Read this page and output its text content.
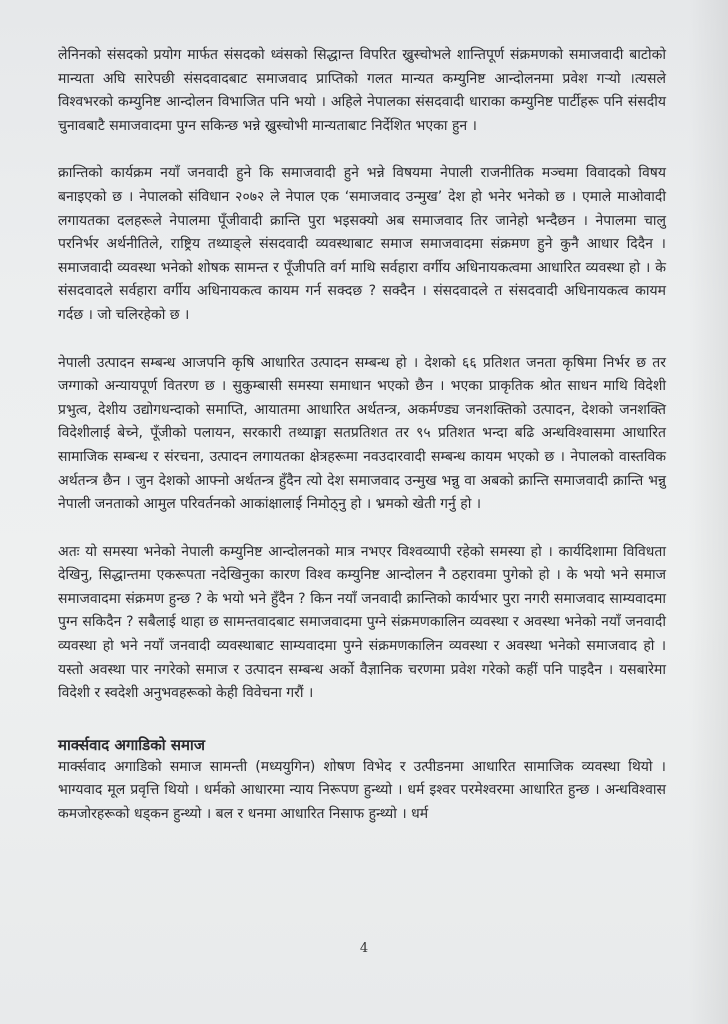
लेनिनको संसदको प्रयोग मार्फत संसदको ध्वंसको सिद्धान्त विपरित ख्रुस्चोभले शान्तिपूर्ण संक्रमणको समाजवादी बाटोको मान्यता अघि सारेपछी संसदवादबाट समाजवाद प्राप्तिको गलत मान्यत कम्युनिष्ट आन्दोलनमा प्रवेश गऱ्यो ।त्यसले विश्वभरको कम्युनिष्ट आन्दोलन विभाजित पनि भयो । अहिले नेपालका संसदवादी धाराका कम्युनिष्ट पार्टीहरू पनि संसदीय चुनावबाटै समाजवादमा पुग्न सकिन्छ भन्ने ख्रुस्चोभी मान्यताबाट निर्देशित भएका हुन ।

क्रान्तिको कार्यक्रम नयाँ जनवादी हुने कि समाजवादी हुने भन्ने विषयमा नेपाली राजनीतिक मञ्चमा विवादको विषय बनाइएको छ । नेपालको संविधान २०७२ ले नेपाल एक ‘समाजवाद उन्मुख’ देश हो भनेर भनेको छ । एमाले माओवादी लगायतका दलहरूले नेपालमा पूँजीवादी क्रान्ति पुरा भइसक्यो अब समाजवाद तिर जानेहो भन्दैछन । नेपालमा चालु परनिर्भर अर्थनीतिले, राष्ट्रिय तथ्याङ्ले संसदवादी व्यवस्थाबाट समाज समाजवादमा संक्रमण हुने कुनै आधार दिदैन । समाजवादी व्यवस्था भनेको शोषक सामन्त र पूँजीपति वर्ग माथि सर्वहारा वर्गीय अधिनायकत्वमा आधारित व्यवस्था हो । के संसदवादले सर्वहारा वर्गीय अधिनायकत्व कायम गर्न सक्दछ ? सक्दैन । संसदवादले त संसदवादी अधिनायकत्व कायम गर्दछ । जो चलिरहेको छ ।

नेपाली उत्पादन सम्बन्ध आजपनि कृषि आधारित उत्पादन सम्बन्ध हो । देशको ६६ प्रतिशत जनता कृषिमा निर्भर छ तर जग्गाको अन्यायपूर्ण वितरण छ । सुकुम्बासी समस्या समाधान भएको छैन । भएका प्राकृतिक श्रोत साधन माथि विदेशी प्रभुत्व, देशीय उद्योगधन्दाको समाप्ति, आयातमा आधारित अर्थतन्त्र, अकर्मण्ड्य जनशक्तिको उत्पादन, देशको जनशक्ति विदेशीलाई बेच्ने, पूँजीको पलायन, सरकारी तथ्याङ्मा सतप्रतिशत तर ९५ प्रतिशत भन्दा बढि अन्धविश्वासमा आधारित सामाजिक सम्बन्ध र संरचना, उत्पादन लगायतका क्षेत्रहरूमा नवउदारवादी सम्बन्ध कायम भएको छ । नेपालको वास्तविक अर्थतन्त्र छैन । जुन देशको आफ्नो अर्थतन्त्र हुँदैन त्यो देश समाजवाद उन्मुख भन्नु वा अबको क्रान्ति समाजवादी क्रान्ति भन्नु नेपाली जनताको आमुल परिवर्तनको आकांक्षालाई निमोठ्नु हो । भ्रमको खेती गर्नु हो ।

अतः यो समस्या भनेको नेपाली कम्युनिष्ट आन्दोलनको मात्र नभएर विश्वव्यापी रहेको समस्या हो । कार्यदिशामा विविधता देखिनु, सिद्धान्तमा एकरूपता नदेखिनुका कारण विश्व कम्युनिष्ट आन्दोलन नै ठहरावमा पुगेको हो । के भयो भने समाज समाजवादमा संक्रमण हुन्छ ? के भयो भने हुँदैन ? किन नयाँ जनवादी क्रान्तिको कार्यभार पुरा नगरी समाजवाद साम्यवादमा पुग्न सकिदैन ? सबैलाई थाहा छ सामन्तवादबाट समाजवादमा पुग्ने संक्रमणकालिन व्यवस्था र अवस्था भनेको नयाँ जनवादी व्यवस्था हो भने नयाँ जनवादी व्यवस्थाबाट साम्यवादमा पुग्ने संक्रमणकालिन व्यवस्था र अवस्था भनेको समाजवाद हो । यस्तो अवस्था पार नगरेको समाज र उत्पादन सम्बन्ध अर्को वैज्ञानिक चरणमा प्रवेश गरेको कहीं पनि पाइदैन । यसबारेमा विदेशी र स्वदेशी अनुभवहरूको केही विवेचना गरौं ।

मार्क्सवाद अगाडिको समाज

मार्क्सवाद अगाडिको समाज सामन्ती (मध्ययुगिन) शोषण विभेद र उत्पीडनमा आधारित सामाजिक व्यवस्था थियो । भाग्यवाद मूल प्रवृत्ति थियो । धर्मको आधारमा न्याय निरूपण हुन्थ्यो । धर्म इश्वर परमेश्वरमा आधारित हुन्छ । अन्धविश्वास कमजोरहरूको धड्कन हुन्थ्यो । बल र धनमा आधारित निसाफ हुन्थ्यो । धर्म

4
